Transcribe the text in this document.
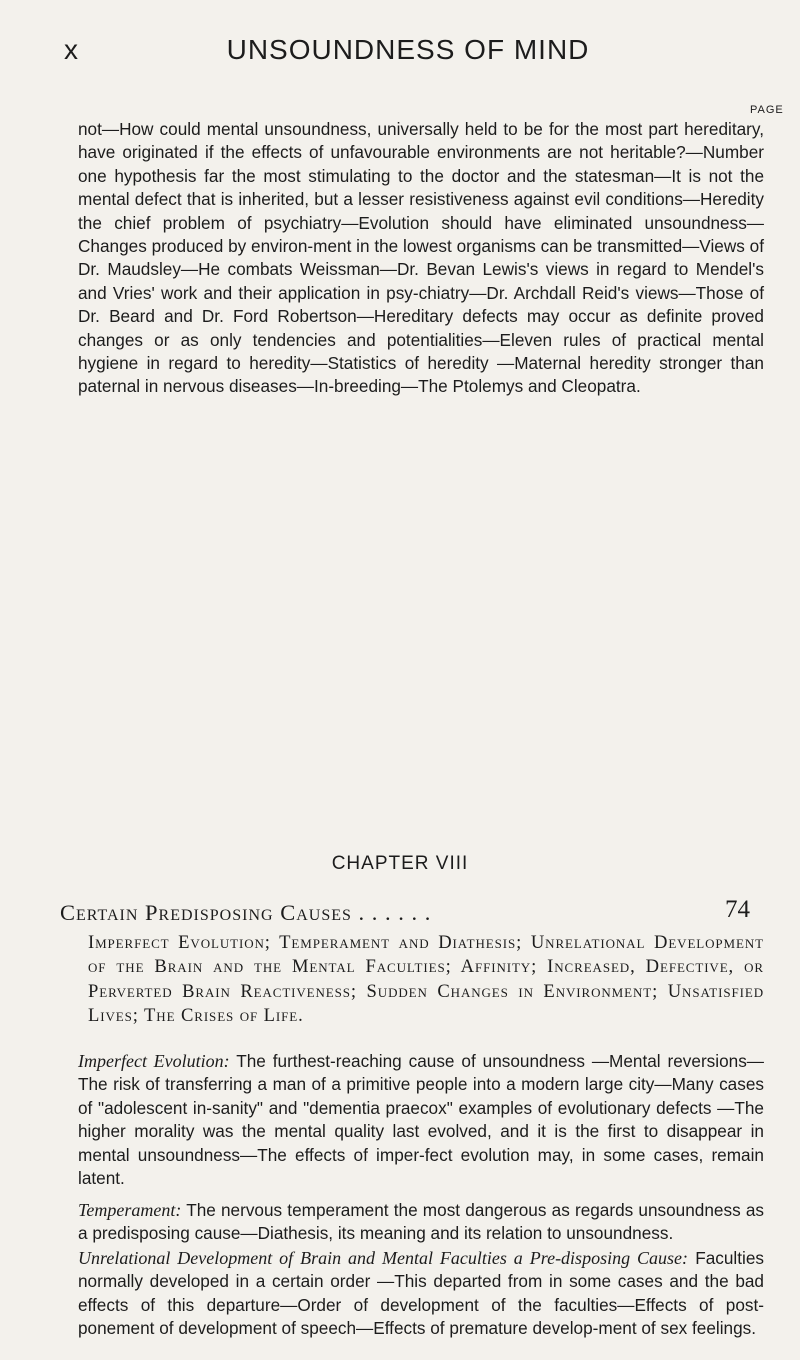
x	UNSOUNDNESS OF MIND
PAGE

not—How could mental unsoundness, universally held to be for the most part hereditary, have originated if the effects of unfavourable environments are not heritable?—Number one hypothesis far the most stimulating to the doctor and the statesman—It is not the mental defect that is inherited, but a lesser resistiveness against evil conditions—Heredity the chief problem of psychiatry—Evolution should have eliminated unsoundness—Changes produced by environ-ment in the lowest organisms can be transmitted—Views of Dr. Maudsley—He combats Weissman—Dr. Bevan Lewis's views in regard to Mendel's and Vries' work and their application in psy-chiatry—Dr. Archdall Reid's views—Those of Dr. Beard and Dr. Ford Robertson—Hereditary defects may occur as definite proved changes or as only tendencies and potentialities—Eleven rules of practical mental hygiene in regard to heredity—Statistics of heredity —Maternal heredity stronger than paternal in nervous diseases—In-breeding—The Ptolemys and Cleopatra.

CHAPTER VIII
Certain Predisposing Causes . . . . . .	74

Imperfect Evolution; Temperament and Diathesis; Unrelational Development of the Brain and the Mental Faculties; Affinity; Increased, Defective, or Perverted Brain Reactiveness; Sudden Changes in Environment; Unsatisfied Lives; The Crises of Life.

Imperfect Evolution: The furthest-reaching cause of unsoundness —Mental reversions—The risk of transferring a man of a primitive people into a modern large city—Many cases of "adolescent in-sanity" and "dementia praecox" examples of evolutionary defects —The higher morality was the mental quality last evolved, and it is the first to disappear in mental unsoundness—The effects of imper-fect evolution may, in some cases, remain latent.

Temperament: The nervous temperament the most dangerous as regards unsoundness as a predisposing cause—Diathesis, its meaning and its relation to unsoundness.

Unrelational Development of Brain and Mental Faculties a Pre-disposing Cause: Faculties normally developed in a certain order —This departed from in some cases and the bad effects of this departure—Order of development of the faculties—Effects of post-ponement of development of speech—Effects of premature develop-ment of sex feelings.
